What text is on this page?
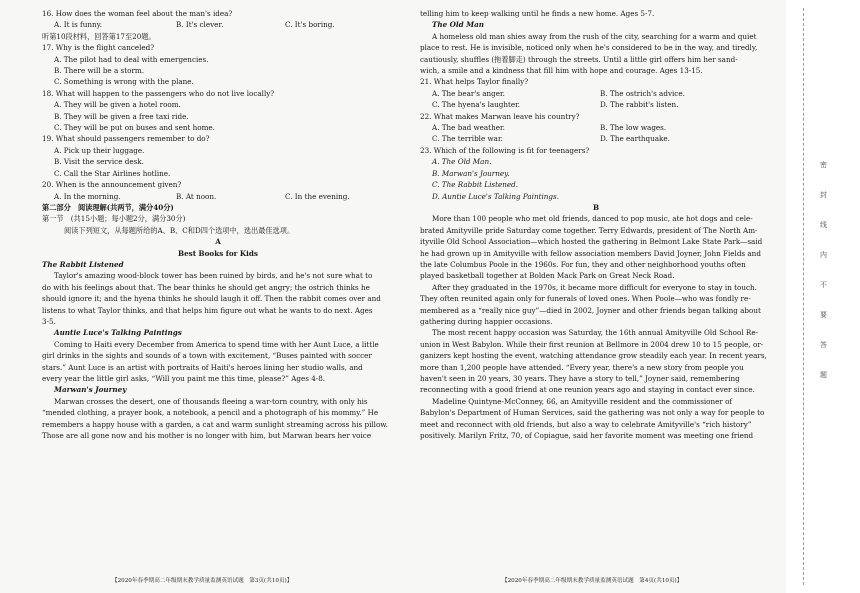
16. How does the woman feel about the man's idea?
A. It is funny.	B. It's clever.	C. It's boring.
听第10段材料，回答第17至20题。
17. Why is the flight canceled?
A. The pilot had to deal with emergencies.
B. There will be a storm.
C. Something is wrong with the plane.
18. What will happen to the passengers who do not live locally?
A. They will be given a hotel room.
B. They will be given a free taxi ride.
C. They will be put on buses and sent home.
19. What should passengers remember to do?
A. Pick up their luggage.
B. Visit the service desk.
C. Call the Star Airlines hotline.
20. When is the announcement given?
A. In the morning.	B. At noon.	C. In the evening.
第二部分　阅读理解(共两节，满分40分)
第一节　(共15小题；每小题2分，满分30分)
阅读下列短文，从每题所给的A、B、C和D四个选项中，选出最佳选项。
A
Best Books for Kids
The Rabbit Listened
Taylor's amazing wood-block tower has been ruined by birds, and he's not sure what to
do with his feelings about that. The bear thinks he should get angry; the ostrich thinks he
should ignore it; and the hyena thinks he should laugh it off. Then the rabbit comes over and
listens to what Taylor thinks, and that helps him figure out what he wants to do next. Ages
3-5.
Auntie Luce's Talking Paintings
Coming to Haiti every December from America to spend time with her Aunt Luce, a little
girl drinks in the sights and sounds of a town with excitement, “Buses painted with soccer
stars.” Aunt Luce is an artist with portraits of Haiti's heroes lining her studio walls, and
every year the little girl asks, “Will you paint me this time, please?” Ages 4-8.
Marwan's Journey
Marwan crosses the desert, one of thousands fleeing a war-torn country, with only his
“mended clothing, a prayer book, a notebook, a pencil and a photograph of his mommy.” He
remembers a happy house with a garden, a cat and warm sunlight streaming across his pillow.
Those are all gone now and his mother is no longer with him, but Marwan bears her voice
telling him to keep walking until he finds a new home. Ages 5-7.
The Old Man
A homeless old man shies away from the rush of the city, searching for a warm and quiet
place to rest. He is invisible, noticed only when he's considered to be in the way, and tiredly,
cautiously, shuffles (拖着脚走) through the streets. Until a little girl offers him her sand-
wich, a smile and a kindness that fill him with hope and courage. Ages 13-15.
21. What helps Taylor finally?
A. The bear's anger.	B. The ostrich's advice.
C. The hyena's laughter.	D. The rabbit's listen.
22. What makes Marwan leave his country?
A. The bad weather.	B. The low wages.
C. The terrible war.	D. The earthquake.
23. Which of the following is fit for teenagers?
A. The Old Man.
B. Marwan's Journey.
C. The Rabbit Listened.
D. Auntie Luce's Talking Paintings.
B
More than 100 people who met old friends, danced to pop music, ate hot dogs and cele-
brated Amityville pride Saturday come together. Terry Edwards, president of The North Am-
ityville Old School Association—which hosted the gathering in Belmont Lake State Park—said
he had grown up in Amityville with fellow association members David Joyner, John Fields and
the late Columbus Poole in the 1960s. For fun, they and other neighborhood youths often
played basketball together at Bolden Mack Park on Great Neck Road.
After they graduated in the 1970s, it became more difficult for everyone to stay in touch.
They often reunited again only for funerals of loved ones. When Poole—who was fondly re-
membered as a “really nice guy”—died in 2002, Joyner and other friends began talking about
gathering during happier occasions.
The most recent happy occasion was Saturday, the 16th annual Amityville Old School Re-
union in West Babylon. While their first reunion at Bellmore in 2004 drew 10 to 15 people, or-
ganizers kept hosting the event, watching attendance grow steadily each year. In recent years,
more than 1,200 people have attended. “Every year, there's a new story from people you
haven't seen in 20 years, 30 years. They have a story to tell,” Joyner said, remembering
reconnecting with a good friend at one reunion years ago and staying in contact ever since.
Madeline Quintyne-McConney, 66, an Amityville resident and the commissioner of
Babylon's Department of Human Services, said the gathering was not only a way for people to
meet and reconnect with old friends, but also a way to celebrate Amityville's “rich history”
positively. Marilyn Fritz, 70, of Copiague, said her favorite moment was meeting one friend
【2020年春季期高二年级期末教学质量监测英语试题　第3页(共10页)】	【2020年春季期高二年级期末教学质量监测英语试题　第4页(共10页)】
密
封
线
内
不
要
答
题
